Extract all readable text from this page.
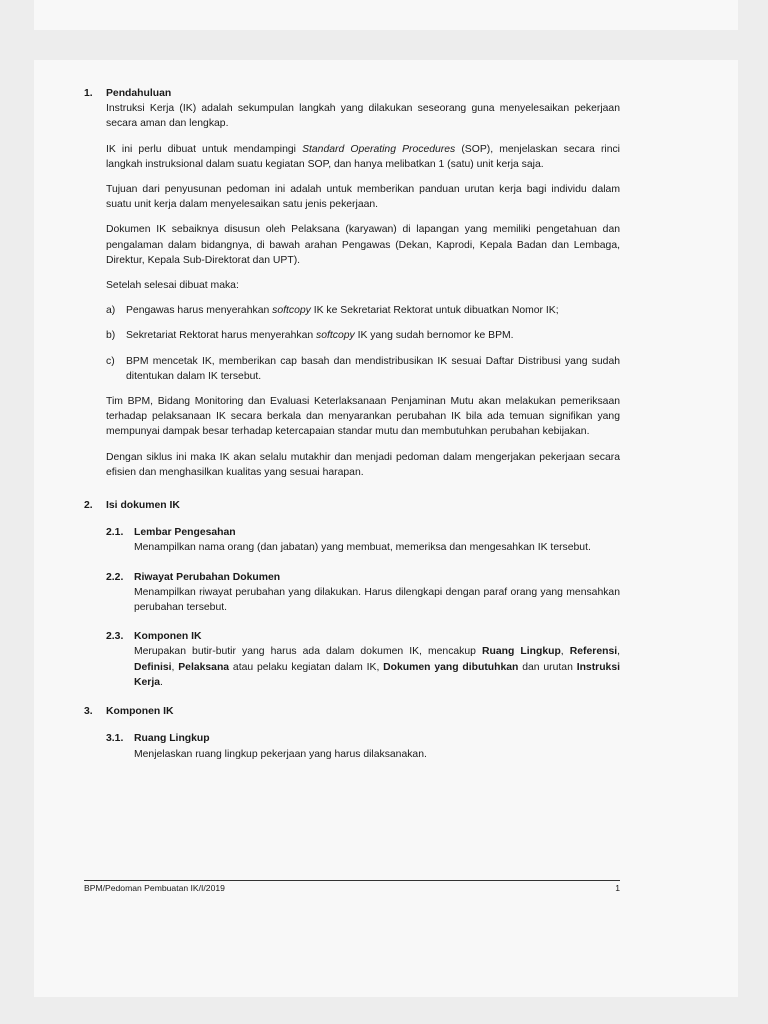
1.	Pendahuluan

Instruksi Kerja (IK) adalah sekumpulan langkah yang dilakukan seseorang guna menyelesaikan pekerjaan secara aman dan lengkap.

IK ini perlu dibuat untuk mendampingi Standard Operating Procedures (SOP), menjelaskan secara rinci langkah instruksional dalam suatu kegiatan SOP, dan hanya melibatkan 1 (satu) unit kerja saja.

Tujuan dari penyusunan pedoman ini adalah untuk memberikan panduan urutan kerja bagi individu dalam suatu unit kerja dalam menyelesaikan satu jenis pekerjaan.

Dokumen IK sebaiknya disusun oleh Pelaksana (karyawan) di lapangan yang memiliki pengetahuan dan pengalaman dalam bidangnya, di bawah arahan Pengawas (Dekan, Kaprodi, Kepala Badan dan Lembaga, Direktur, Kepala Sub-Direktorat dan UPT).

Setelah selesai dibuat maka:

a)	Pengawas harus menyerahkan softcopy IK ke Sekretariat Rektorat untuk dibuatkan Nomor IK;
b)	Sekretariat Rektorat harus menyerahkan softcopy IK yang sudah bernomor ke BPM.
c)	BPM mencetak IK, memberikan cap basah dan mendistribusikan IK sesuai Daftar Distribusi yang sudah ditentukan dalam IK tersebut.

Tim BPM, Bidang Monitoring dan Evaluasi Keterlaksanaan Penjaminan Mutu akan melakukan pemeriksaan terhadap pelaksanaan IK secara berkala dan menyarankan perubahan IK bila ada temuan signifikan yang mempunyai dampak besar terhadap ketercapaian standar mutu dan membutuhkan perubahan kebijakan.

Dengan siklus ini maka IK akan selalu mutakhir dan menjadi pedoman dalam mengerjakan pekerjaan secara efisien dan menghasilkan kualitas yang sesuai harapan.

2.	Isi dokumen IK
2.1.	Lembar Pengesahan
Menampilkan nama orang (dan jabatan) yang membuat, memeriksa dan mengesahkan IK tersebut.
2.2.	Riwayat Perubahan Dokumen
Menampilkan riwayat perubahan yang dilakukan. Harus dilengkapi dengan paraf orang yang mensahkan perubahan tersebut.
2.3.	Komponen IK
Merupakan butir-butir yang harus ada dalam dokumen IK, mencakup Ruang Lingkup, Referensi, Definisi, Pelaksana atau pelaku kegiatan dalam IK, Dokumen yang dibutuhkan dan urutan Instruksi Kerja.
3.	Komponen IK
3.1.	Ruang Lingkup
Menjelaskan ruang lingkup pekerjaan yang harus dilaksanakan.
BPM/Pedoman Pembuatan IK/I/2019	1
